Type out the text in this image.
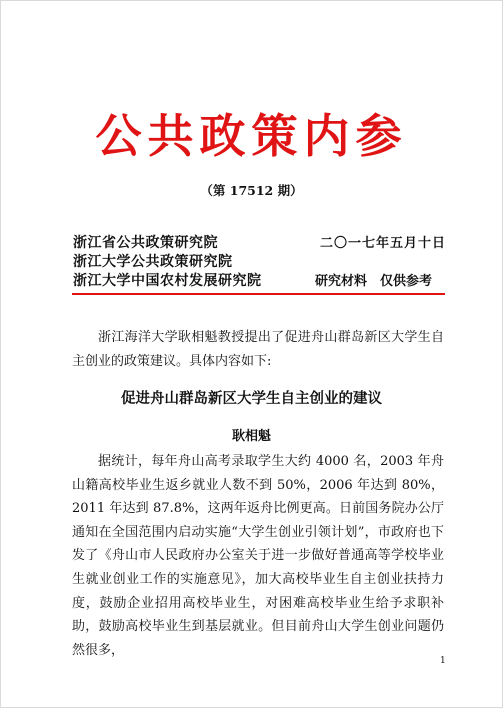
公共政策内参
（第 17512 期）
浙江省公共政策研究院
浙江大学公共政策研究院
浙江大学中国农村发展研究院
二〇一七年五月十日
研究材料　仅供参考

浙江海洋大学耿相魁教授提出了促进舟山群岛新区大学生自主创业的政策建议。具体内容如下:

促进舟山群岛新区大学生自主创业的建议
耿相魁

据统计，每年舟山高考录取学生大约 4000 名，2003 年舟山籍高校毕业生返乡就业人数不到 50%，2006 年达到 80%，2011 年达到 87.8%，这两年返舟比例更高。日前国务院办公厅通知在全国范围内启动实施“大学生创业引领计划”，市政府也下发了《舟山市人民政府办公室关于进一步做好普通高等学校毕业生就业创业工作的实施意见》，加大高校毕业生自主创业扶持力度，鼓励企业招用高校毕业生，对困难高校毕业生给予求职补助，鼓励高校毕业生到基层就业。但目前舟山大学生创业问题仍然很多，

1
